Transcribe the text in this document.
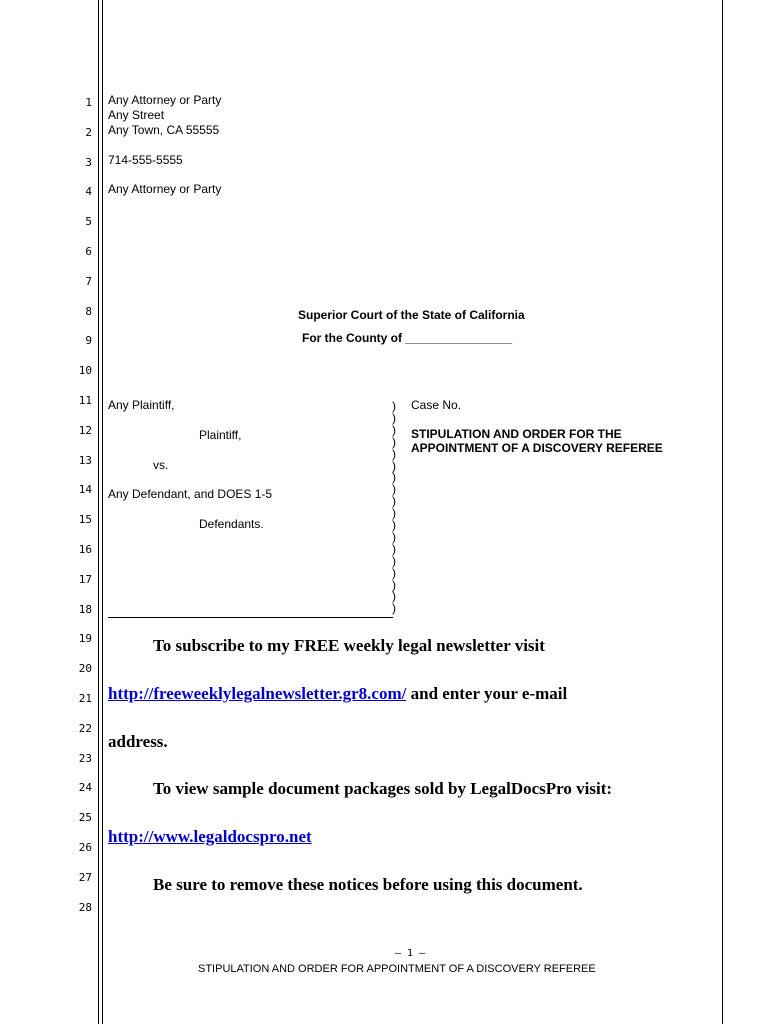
1
2
3
4
5
6
7
8
9
10
11
12
13
14
15
16
17
18
19
20
21
22
23
24
25
26
27
28
Any Attorney or Party
Any Street
Any Town, CA 55555
714-555-5555
Any Attorney or Party
Superior Court of the State of California
For the County of ________________
Any Plaintiff,
Plaintiff,
vs.
Any Defendant, and DOES 1-5
Defendants.
)
)
)
)
)
)
)
)
)
)
)
)
)
)
)
)
)
)
Case No.
STIPULATION AND ORDER FOR THE
APPOINTMENT OF A DISCOVERY REFEREE
To subscribe to my FREE weekly legal newsletter visit
http://freeweeklylegalnewsletter.gr8.com/ and enter your e-mail
address.
To view sample document packages sold by LegalDocsPro visit:
http://www.legaldocspro.net
Be sure to remove these notices before using this document.
– 1 –
STIPULATION AND ORDER FOR APPOINTMENT OF A DISCOVERY REFEREE
